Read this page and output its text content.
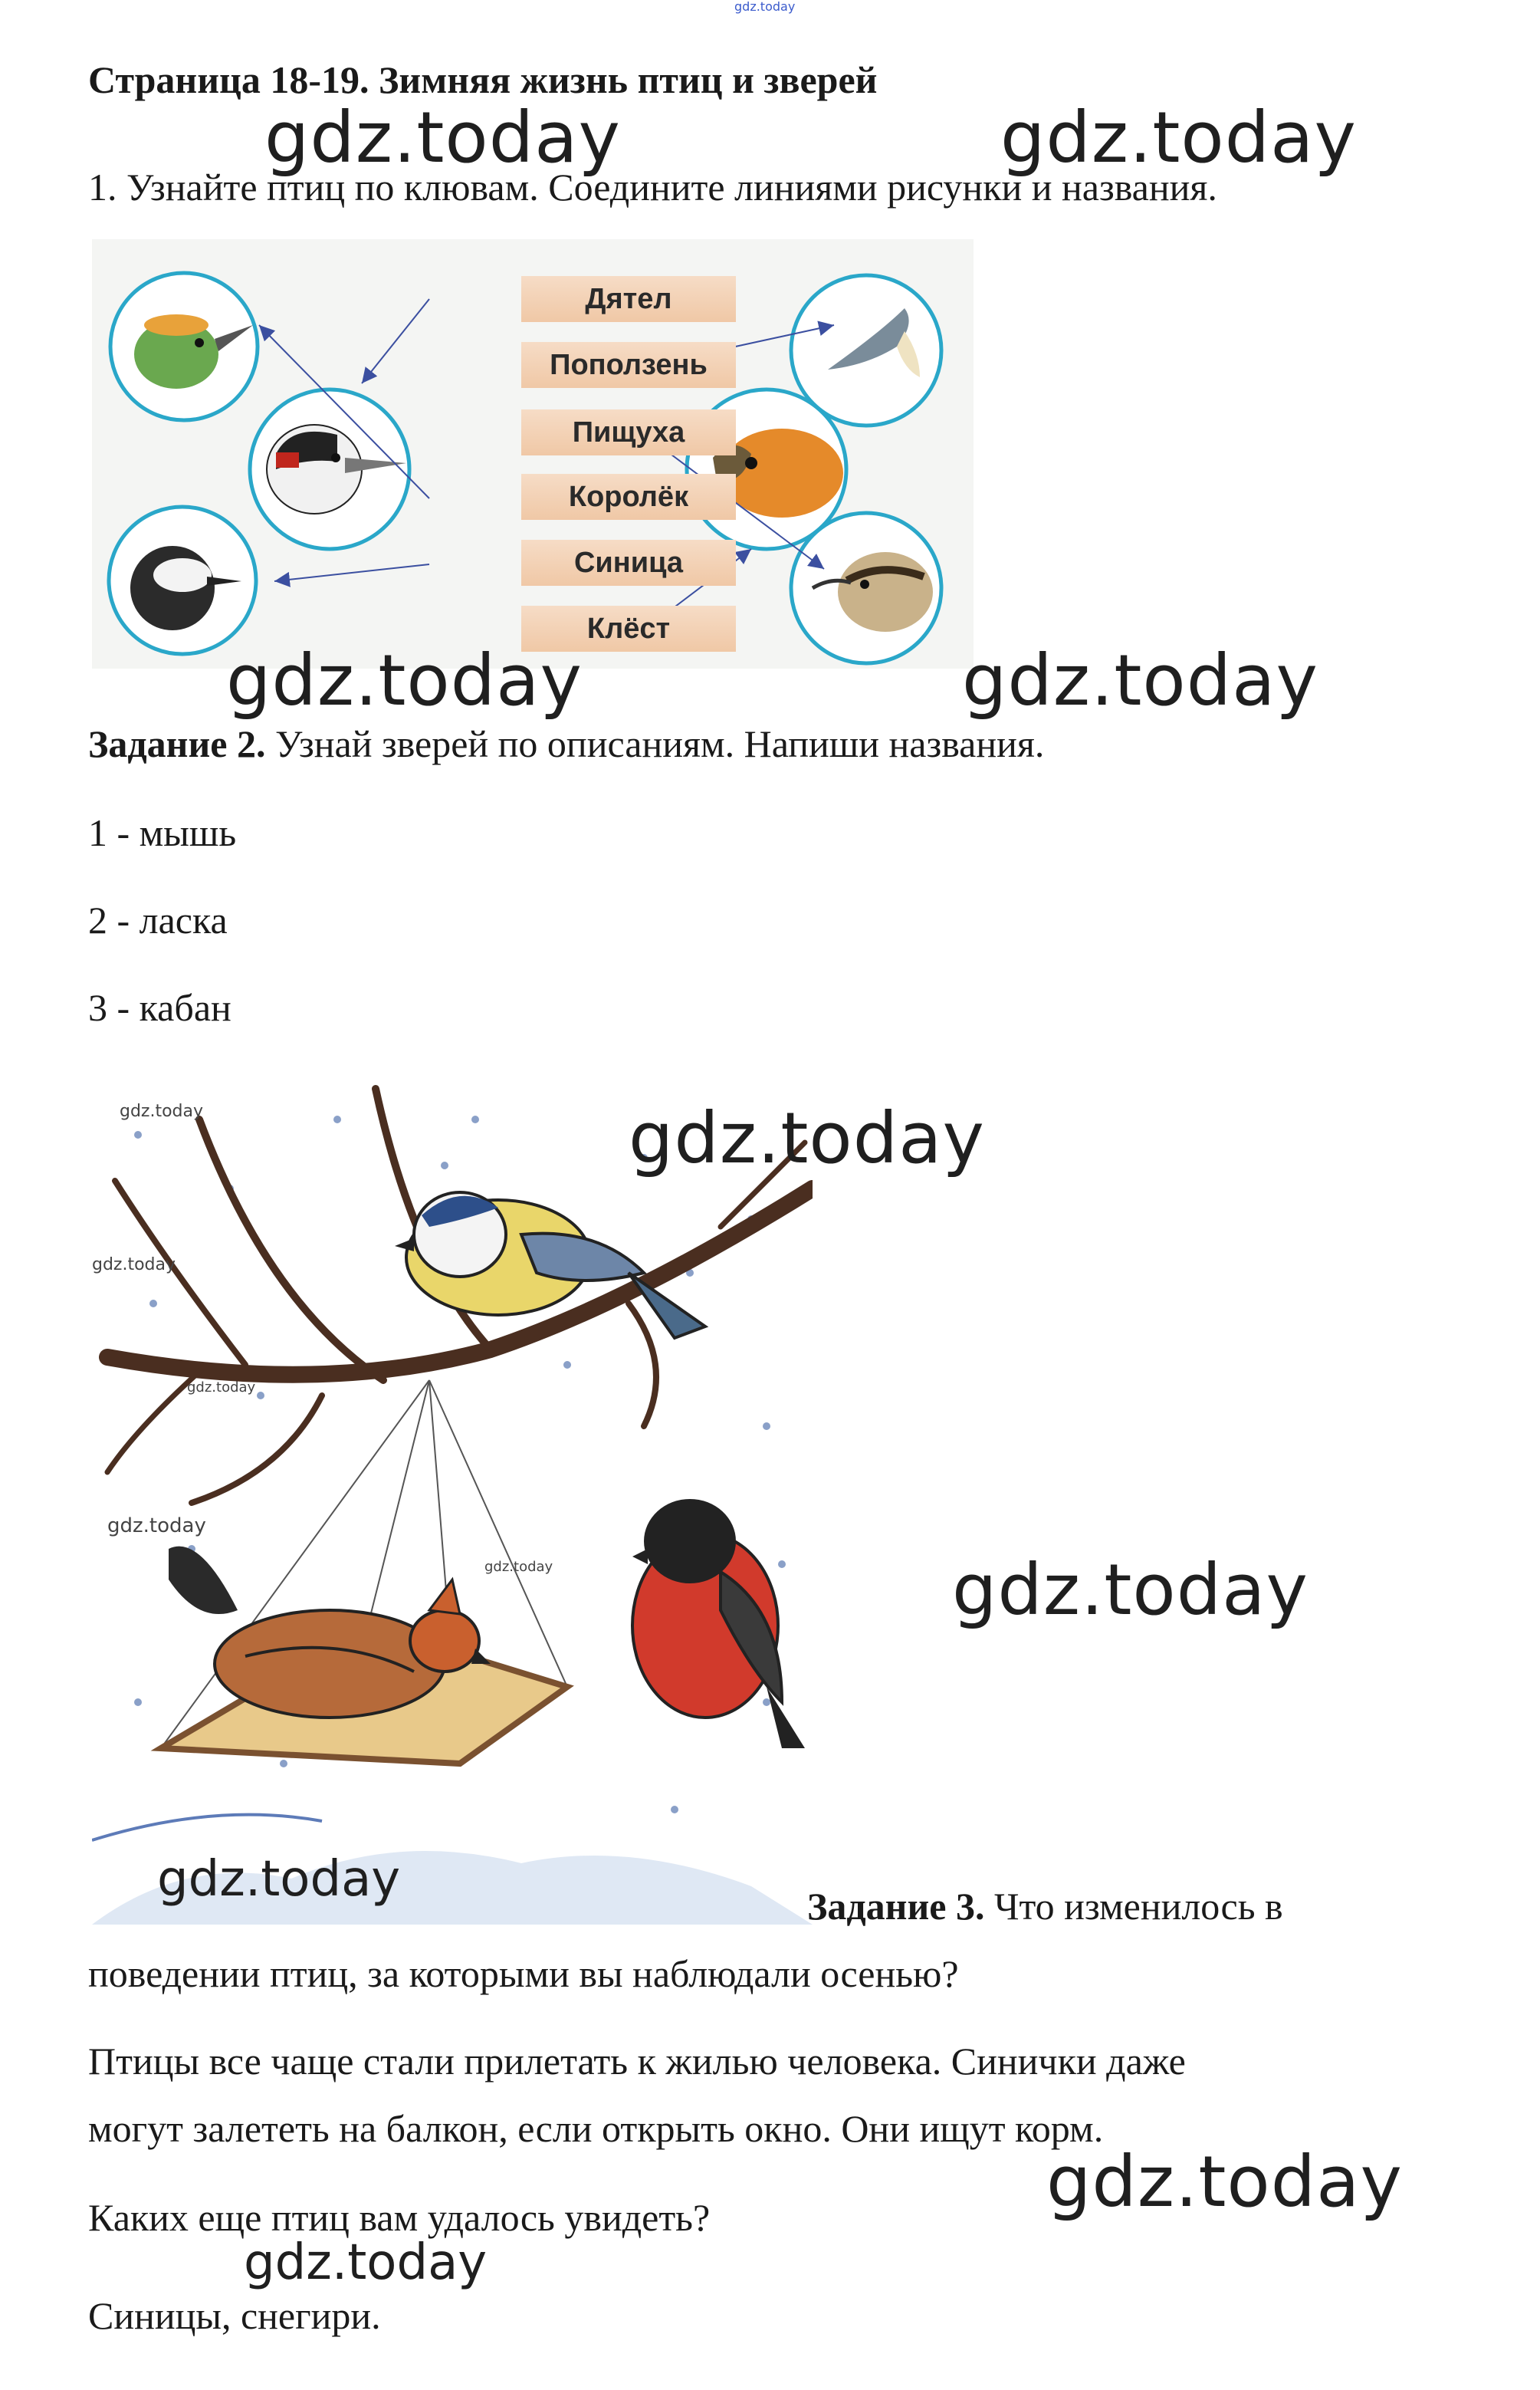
gdz.today
Страница 18-19. Зимняя жизнь птиц и зверей
gdz.today	gdz.today
1. Узнайте птиц по клювам. Соедините линиями рисунки и названия.
Дятел
Поползень
Пищуха
Королёк
Синица
Клёст
gdz.today	gdz.today
Задание 2. Узнай зверей по описаниям. Напиши названия.
1 - мышь
2 - ласка
3 - кабан
gdz.today
gdz.today
gdz.today
gdz.today
gdz.today
gdz.today
gdz.today
gdz.today	Задание 3. Что изменилось в
поведении птиц, за которыми вы наблюдали осенью?
Птицы все чаще стали прилетать к жилью человека. Синички даже
могут залететь на балкон, если открыть окно. Они ищут корм.
gdz.today
Каких еще птиц вам удалось увидеть?
gdz.today
Синицы, снегири.
